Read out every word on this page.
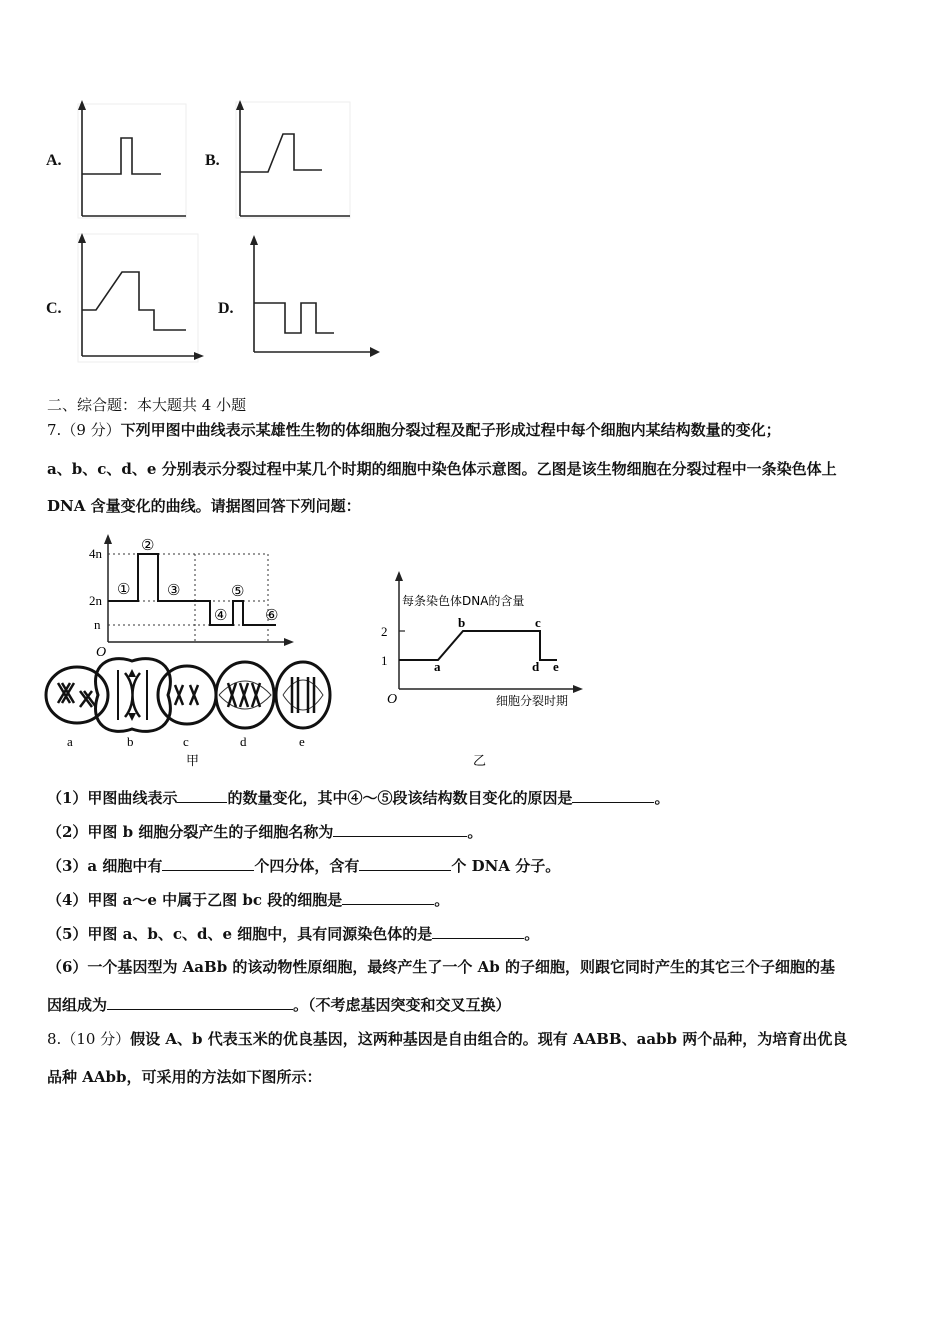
A.	B.
C.	D.
二、综合题：本大题共 4 小题
7.（9 分）下列甲图中曲线表示某雄性生物的体细胞分裂过程及配子形成过程中每个细胞内某结构数量的变化；
a、b、c、d、e 分别表示分裂过程中某几个时期的细胞中染色体示意图。乙图是该生物细胞在分裂过程中一条染色体上
DNA 含量变化的曲线。请据图回答下列问题：
4n
2n
n
O
①
②
③
④
⑤
⑥
a	b	c	d	e
甲
每条染色体DNA的含量
2
1
O
a
b	c
d e
细胞分裂时期
乙
（1）甲图曲线表示	的数量变化，其中④～⑤段该结构数目变化的原因是	。
（2）甲图 b 细胞分裂产生的子细胞名称为	。
（3）a 细胞中有	个四分体，含有	个 DNA 分子。
（4）甲图 a～e 中属于乙图 bc 段的细胞是	。
（5）甲图 a、b、c、d、e 细胞中，具有同源染色体的是	。
（6）一个基因型为 AaBb 的该动物性原细胞，最终产生了一个 Ab 的子细胞，则跟它同时产生的其它三个子细胞的基
因组成为	。（不考虑基因突变和交叉互换）
8.（10 分）假设 A、b 代表玉米的优良基因，这两种基因是自由组合的。现有 AABB、aabb 两个品种，为培育出优良
品种 AAbb，可采用的方法如下图所示：
